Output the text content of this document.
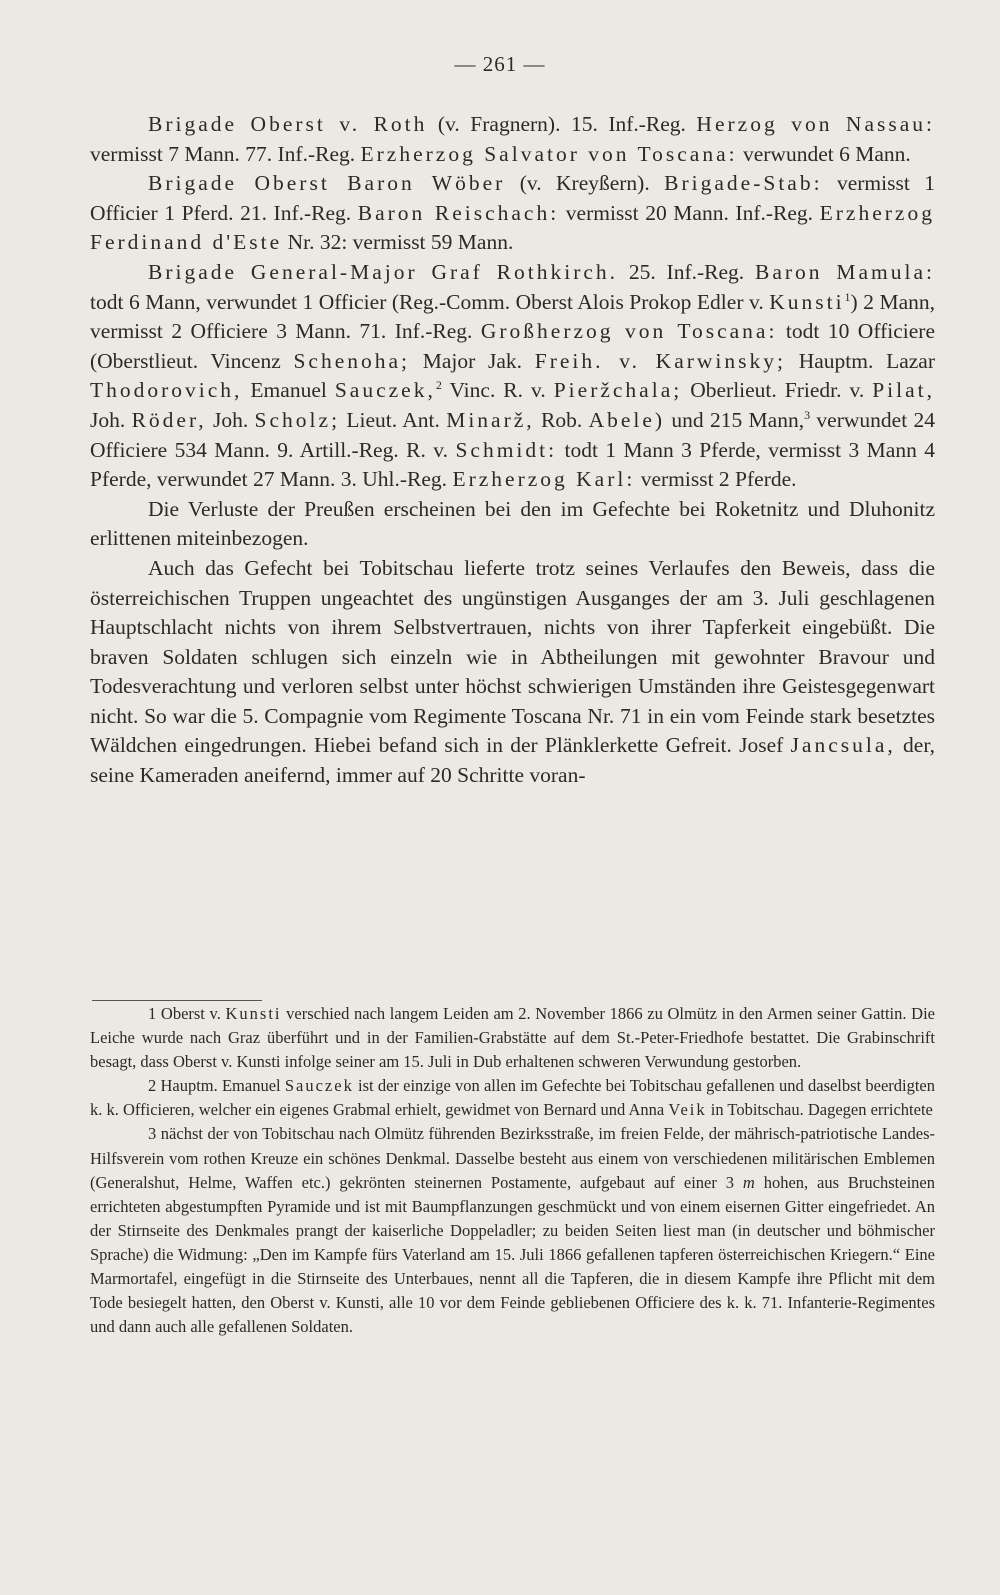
— 261 —

Brigade Oberst v. Roth (v. Fragnern). 15. Inf.-Reg. Herzog von Nassau: vermisst 7 Mann. 77. Inf.-Reg. Erzherzog Salvator von Toscana: verwundet 6 Mann.

Brigade Oberst Baron Wöber (v. Kreyßern). Brigade-Stab: vermisst 1 Officier 1 Pferd. 21. Inf.-Reg. Baron Reischach: vermisst 20 Mann. Inf.-Reg. Erzherzog Ferdinand d'Este Nr. 32: vermisst 59 Mann.

Brigade General-Major Graf Rothkirch. 25. Inf.-Reg. Baron Mamula: todt 6 Mann, verwundet 1 Officier (Reg.-Comm. Oberst Alois Prokop Edler v. Kunsti$^1$) 2 Mann, vermisst 2 Officiere 3 Mann. 71. Inf.-Reg. Großherzog von Toscana: todt 10 Officiere (Oberstlieut. Vincenz Schenoha; Major Jak. Freih. v. Karwinsky; Hauptm. Lazar Thodorovich, Emanuel Sauczek,$^2$ Vinc. R. v. Pieržchala; Oberlieut. Friedr. v. Pilat, Joh. Röder, Joh. Scholz; Lieut. Ant. Minarž, Rob. Abele) und 215 Mann,$^3$ verwundet 24 Officiere 534 Mann. 9. Artill.-Reg. R. v. Schmidt: todt 1 Mann 3 Pferde, vermisst 3 Mann 4 Pferde, verwundet 27 Mann. 3. Uhl.-Reg. Erzherzog Karl: vermisst 2 Pferde.

Die Verluste der Preußen erscheinen bei den im Gefechte bei Roketnitz und Dluhonitz erlittenen miteinbezogen.

Auch das Gefecht bei Tobitschau lieferte trotz seines Verlaufes den Beweis, dass die österreichischen Truppen ungeachtet des ungünstigen Ausganges der am 3. Juli geschlagenen Hauptschlacht nichts von ihrem Selbstvertrauen, nichts von ihrer Tapferkeit eingebüßt. Die braven Soldaten schlugen sich einzeln wie in Abtheilungen mit gewohnter Bravour und Todesverachtung und verloren selbst unter höchst schwierigen Umständen ihre Geistesgegenwart nicht. So war die 5. Compagnie vom Regimente Toscana Nr. 71 in ein vom Feinde stark besetztes Wäldchen eingedrungen. Hiebei befand sich in der Plänklerkette Gefreit. Josef Jancsula, der, seine Kameraden aneifernd, immer auf 20 Schritte voran-

1 Oberst v. Kunsti verschied nach langem Leiden am 2. November 1866 zu Olmütz in den Armen seiner Gattin. Die Leiche wurde nach Graz überführt und in der Familien-Grabstätte auf dem St.-Peter-Friedhofe bestattet. Die Grabinschrift besagt, dass Oberst v. Kunsti infolge seiner am 15. Juli in Dub erhaltenen schweren Verwundung gestorben.

2 Hauptm. Emanuel Sauczek ist der einzige von allen im Gefechte bei Tobitschau gefallenen und daselbst beerdigten k. k. Officieren, welcher ein eigenes Grabmal erhielt, gewidmet von Bernard und Anna Veik in Tobitschau. Dagegen errichtete

3 nächst der von Tobitschau nach Olmütz führenden Bezirksstraße, im freien Felde, der mährisch-patriotische Landes-Hilfsverein vom rothen Kreuze ein schönes Denkmal. Dasselbe besteht aus einem von verschiedenen militärischen Emblemen (Generalshut, Helme, Waffen etc.) gekrönten steinernen Postamente, aufgebaut auf einer 3 m hohen, aus Bruchsteinen errichteten abgestumpften Pyramide und ist mit Baumpflanzungen geschmückt und von einem eisernen Gitter eingefriedet. An der Stirnseite des Denkmales prangt der kaiserliche Doppeladler; zu beiden Seiten liest man (in deutscher und böhmischer Sprache) die Widmung: „Den im Kampfe fürs Vaterland am 15. Juli 1866 gefallenen tapferen österreichischen Kriegern.“ Eine Marmortafel, eingefügt in die Stirnseite des Unterbaues, nennt all die Tapferen, die in diesem Kampfe ihre Pflicht mit dem Tode besiegelt hatten, den Oberst v. Kunsti, alle 10 vor dem Feinde gebliebenen Officiere des k. k. 71. Infanterie-Regimentes und dann auch alle gefallenen Soldaten.
